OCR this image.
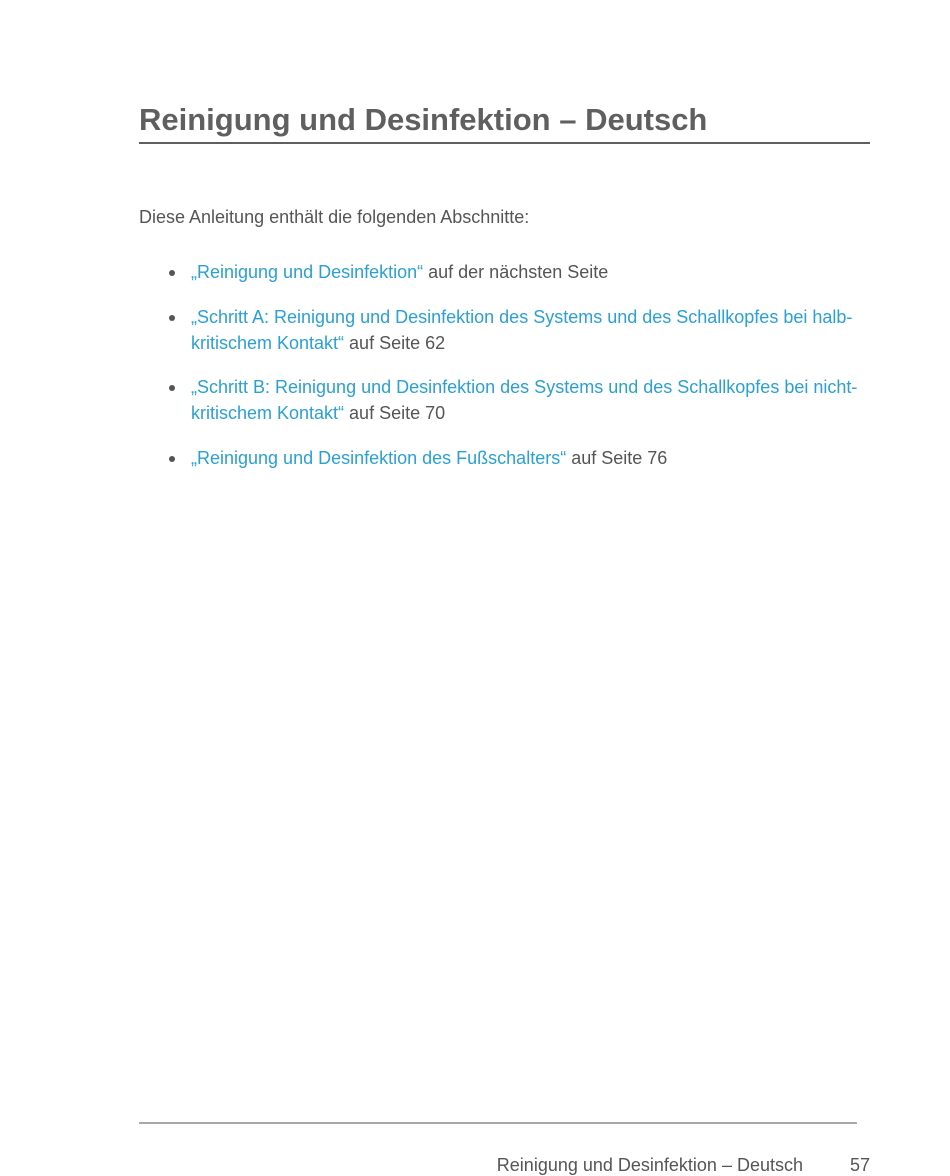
Reinigung und Desinfektion – Deutsch

Diese Anleitung enthält die folgenden Abschnitte:

„Reinigung und Desinfektion“ auf der nächsten Seite
„Schritt A: Reinigung und Desinfektion des Systems und des Schallkopfes bei halb-kritischem Kontakt“ auf Seite 62
„Schritt B: Reinigung und Desinfektion des Systems und des Schallkopfes bei nicht-kritischem Kontakt“ auf Seite 70
„Reinigung und Desinfektion des Fußschalters“ auf Seite 76
Reinigung und Desinfektion – Deutsch	57
